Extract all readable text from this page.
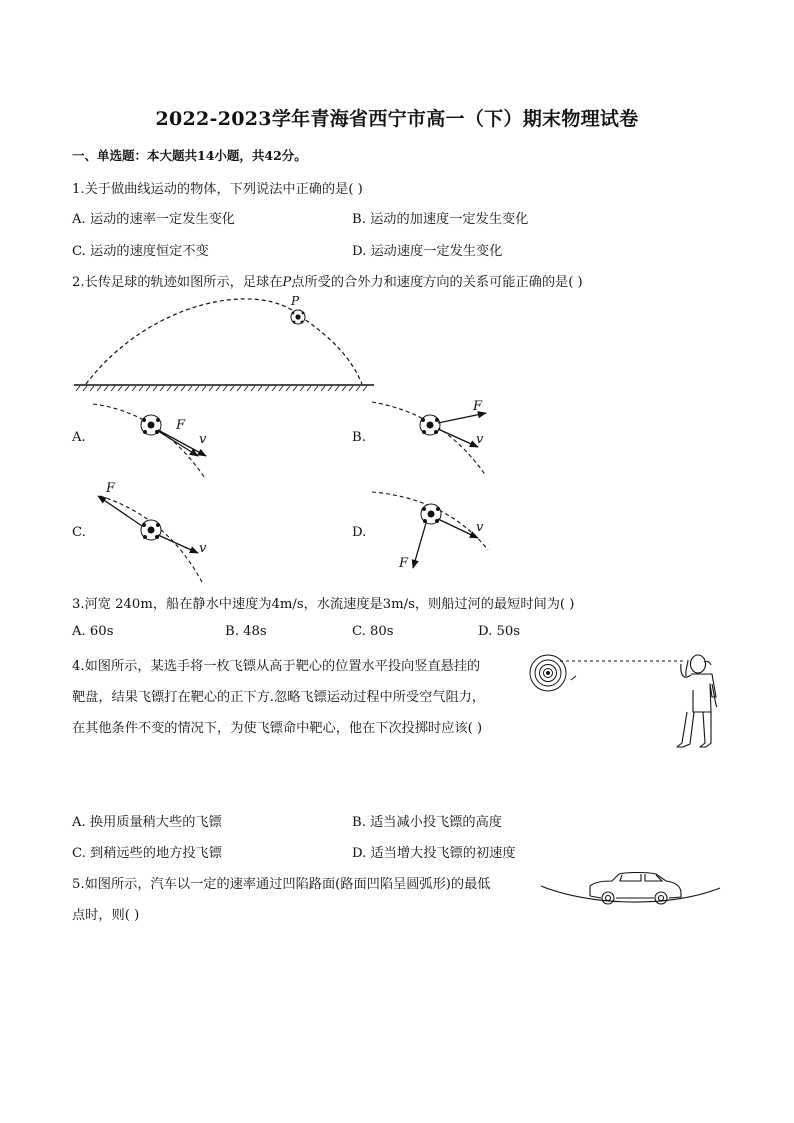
2022-2023学年青海省西宁市高一（下）期末物理试卷
一、单选题：本大题共14小题，共42分。
1.关于做曲线运动的物体，下列说法中正确的是( )
A. 运动的速率一定发生变化	B. 运动的加速度一定发生变化
C. 运动的速度恒定不变	D. 运动速度一定发生变化
2.长传足球的轨迹如图所示，足球在P点所受的合外力和速度方向的关系可能正确的是( )
P
A.
F
v	B.
F
v
C.
F
v
D.	v
F
3.河宽 240m，船在静水中速度为4m/s，水流速度是3m/s，则船过河的最短时间为( )
A. 60s	B. 48s	C. 80s	D. 50s
4.如图所示，某选手将一枚飞镖从高于靶心的位置水平投向竖直悬挂的
靶盘，结果飞镖打在靶心的正下方.忽略飞镖运动过程中所受空气阻力，
在其他条件不变的情况下，为使飞镖命中靶心，他在下次投掷时应该( )
A. 换用质量稍大些的飞镖	B. 适当减小投飞镖的高度
C. 到稍远些的地方投飞镖	D. 适当增大投飞镖的初速度
5.如图所示，汽车以一定的速率通过凹陷路面(路面凹陷呈圆弧形)的最低
点时，则( )
